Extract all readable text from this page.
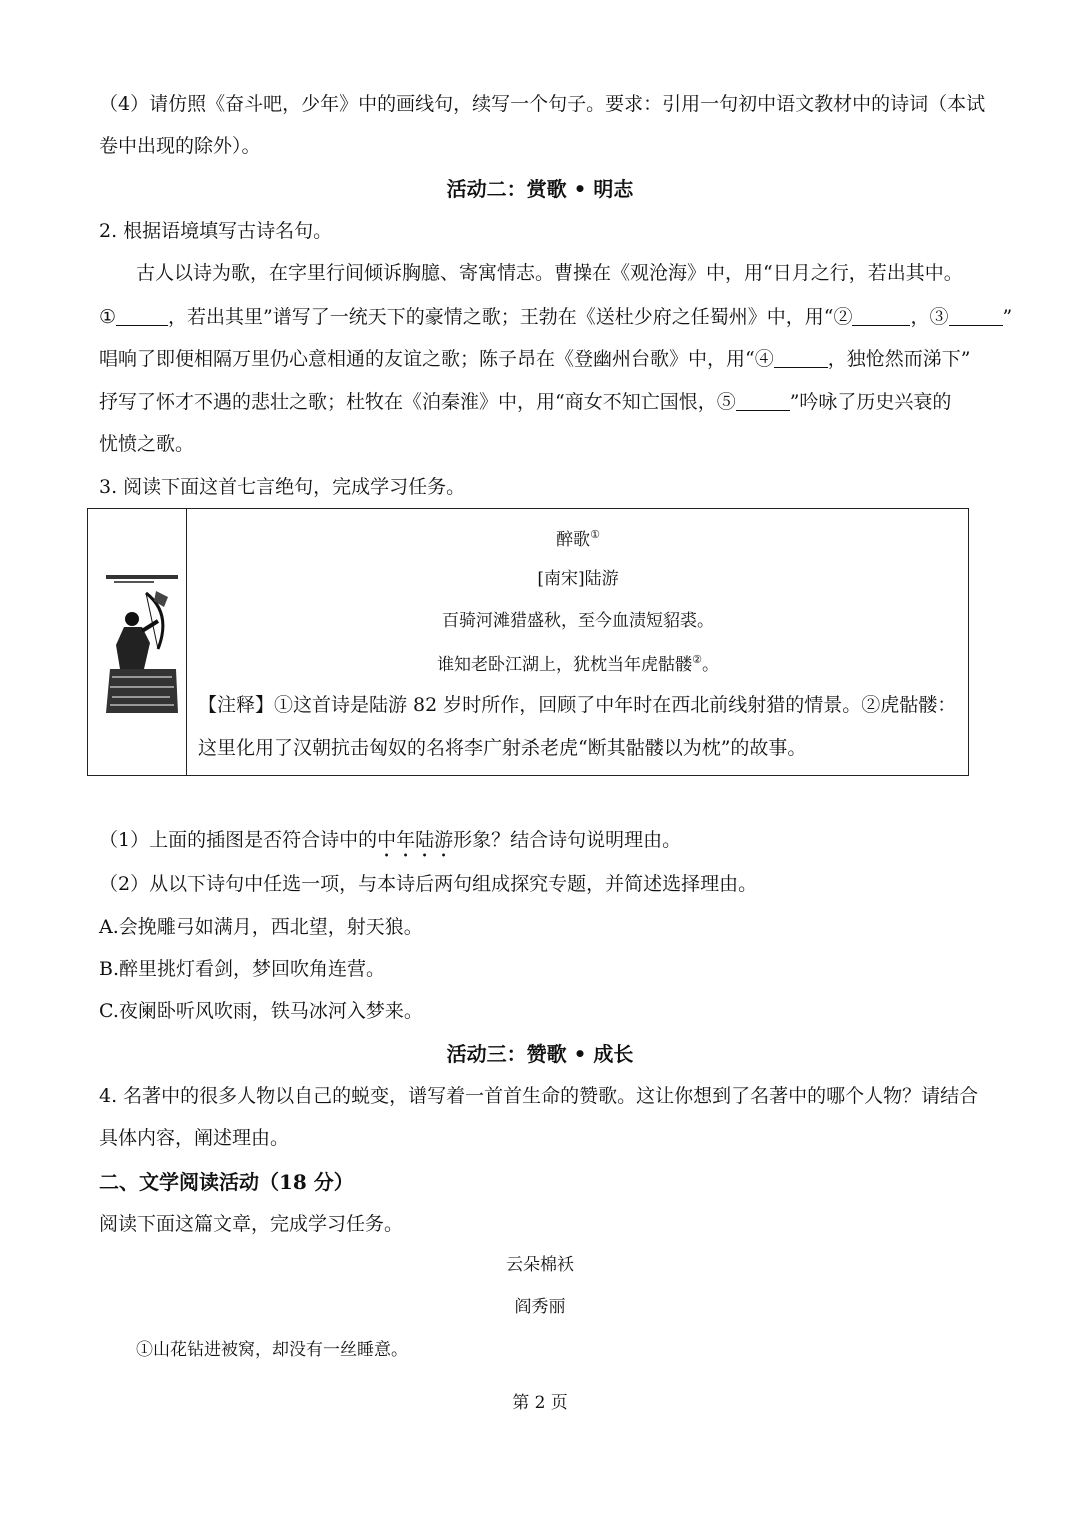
（4）请仿照《奋斗吧，少年》中的画线句，续写一个句子。要求：引用一句初中语文教材中的诗词（本试
卷中出现的除外）。
活动二：赏歌 • 明志
2. 根据语境填写古诗名句。
古人以诗为歌，在字里行间倾诉胸臆、寄寓情志。曹操在《观沧海》中，用“日月之行，若出其中。
①	，若出其里”谱写了一统天下的豪情之歌；王勃在《送杜少府之任蜀州》中，用“②	，③	”
唱响了即便相隔万里仍心意相通的友谊之歌；陈子昂在《登幽州台歌》中，用“④	，独怆然而涕下”
抒写了怀才不遇的悲壮之歌；杜牧在《泊秦淮》中，用“商女不知亡国恨，⑤	”吟咏了历史兴衰的
忧愤之歌。
3. 阅读下面这首七言绝句，完成学习任务。
醉歌①
[南宋]陆游
百骑河滩猎盛秋，至今血渍短貂裘。
谁知老卧江湖上，犹枕当年虎骷髅②。
【注释】①这首诗是陆游 82 岁时所作，回顾了中年时在西北前线射猎的情景。②虎骷髅：
这里化用了汉朝抗击匈奴的名将李广射杀老虎“断其骷髅以为枕”的故事。
（1）上面的插图是否符合诗中的中年陆游形象？结合诗句说明理由。
（2）从以下诗句中任选一项，与本诗后两句组成探究专题，并简述选择理由。
A.会挽雕弓如满月，西北望，射天狼。
B.醉里挑灯看剑，梦回吹角连营。
C.夜阑卧听风吹雨，铁马冰河入梦来。
活动三：赞歌 • 成长
4. 名著中的很多人物以自己的蜕变，谱写着一首首生命的赞歌。这让你想到了名著中的哪个人物？请结合
具体内容，阐述理由。
二、文学阅读活动（18 分）
阅读下面这篇文章，完成学习任务。
云朵棉袄
阎秀丽
①山花钻进被窝，却没有一丝睡意。
第 2 页
